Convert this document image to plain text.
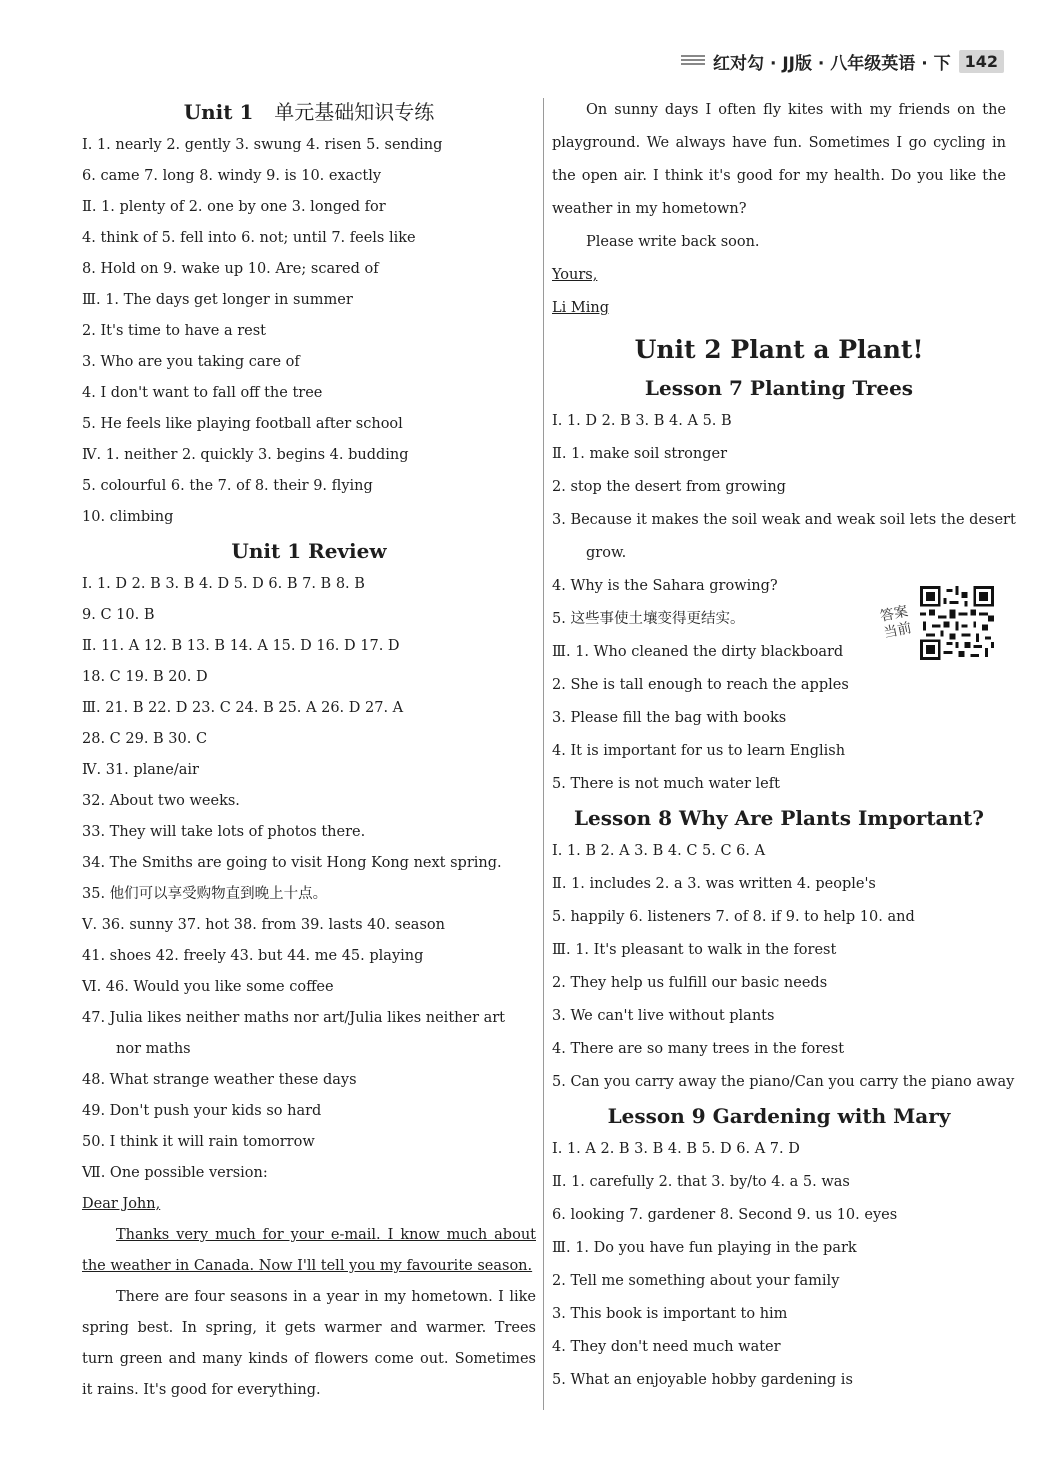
红对勾 · JJ版 · 八年级英语 · 下 142
Unit 1 单元基础知识专练
Ⅰ. 1. nearly 2. gently 3. swung 4. risen 5. sending
6. came 7. long 8. windy 9. is 10. exactly
Ⅱ. 1. plenty of 2. one by one 3. longed for
4. think of 5. fell into 6. not; until 7. feels like
8. Hold on 9. wake up 10. Are; scared of
Ⅲ. 1. The days get longer in summer
2. It's time to have a rest
3. Who are you taking care of
4. I don't want to fall off the tree
5. He feels like playing football after school
Ⅳ. 1. neither 2. quickly 3. begins 4. budding
5. colourful 6. the 7. of 8. their 9. flying
10. climbing
Unit 1 Review
Ⅰ. 1. D 2. B 3. B 4. D 5. D 6. B 7. B 8. B
9. C 10. B
Ⅱ. 11. A 12. B 13. B 14. A 15. D 16. D 17. D
18. C 19. B 20. D
Ⅲ. 21. B 22. D 23. C 24. B 25. A 26. D 27. A
28. C 29. B 30. C
Ⅳ. 31. plane/air
32. About two weeks.
33. They will take lots of photos there.
34. The Smiths are going to visit Hong Kong next spring.
35. 他们可以享受购物直到晚上十点。
Ⅴ. 36. sunny 37. hot 38. from 39. lasts 40. season
41. shoes 42. freely 43. but 44. me 45. playing
Ⅵ. 46. Would you like some coffee
47. Julia likes neither maths nor art/Julia likes neither art
nor maths
48. What strange weather these days
49. Don't push your kids so hard
50. I think it will rain tomorrow
Ⅶ. One possible version:
Dear John,
Thanks very much for your e-mail. I know much about the weather in Canada. Now I'll tell you my favourite season.
There are four seasons in a year in my hometown. I like spring best. In spring, it gets warmer and warmer. Trees turn green and many kinds of flowers come out. Sometimes it rains. It's good for everything.
On sunny days I often fly kites with my friends on the playground. We always have fun. Sometimes I go cycling in the open air. I think it's good for my health. Do you like the weather in my hometown?
Please write back soon.
Yours,
Li Ming
Unit 2 Plant a Plant!
Lesson 7 Planting Trees
Ⅰ. 1. D 2. B 3. B 4. A 5. B
Ⅱ. 1. make soil stronger
2. stop the desert from growing
3. Because it makes the soil weak and weak soil lets the desert
grow.
4. Why is the Sahara growing?
5. 这些事使土壤变得更结实。
Ⅲ. 1. Who cleaned the dirty blackboard
2. She is tall enough to reach the apples
3. Please fill the bag with books
4. It is important for us to learn English
5. There is not much water left
Lesson 8 Why Are Plants Important?
Ⅰ. 1. B 2. A 3. B 4. C 5. C 6. A
Ⅱ. 1. includes 2. a 3. was written 4. people's
5. happily 6. listeners 7. of 8. if 9. to help 10. and
Ⅲ. 1. It's pleasant to walk in the forest
2. They help us fulfill our basic needs
3. We can't live without plants
4. There are so many trees in the forest
5. Can you carry away the piano/Can you carry the piano away
Lesson 9 Gardening with Mary
Ⅰ. 1. A 2. B 3. B 4. B 5. D 6. A 7. D
Ⅱ. 1. carefully 2. that 3. by/to 4. a 5. was
6. looking 7. gardener 8. Second 9. us 10. eyes
Ⅲ. 1. Do you have fun playing in the park
2. Tell me something about your family
3. This book is important to him
4. They don't need much water
5. What an enjoyable hobby gardening is
答案当前
